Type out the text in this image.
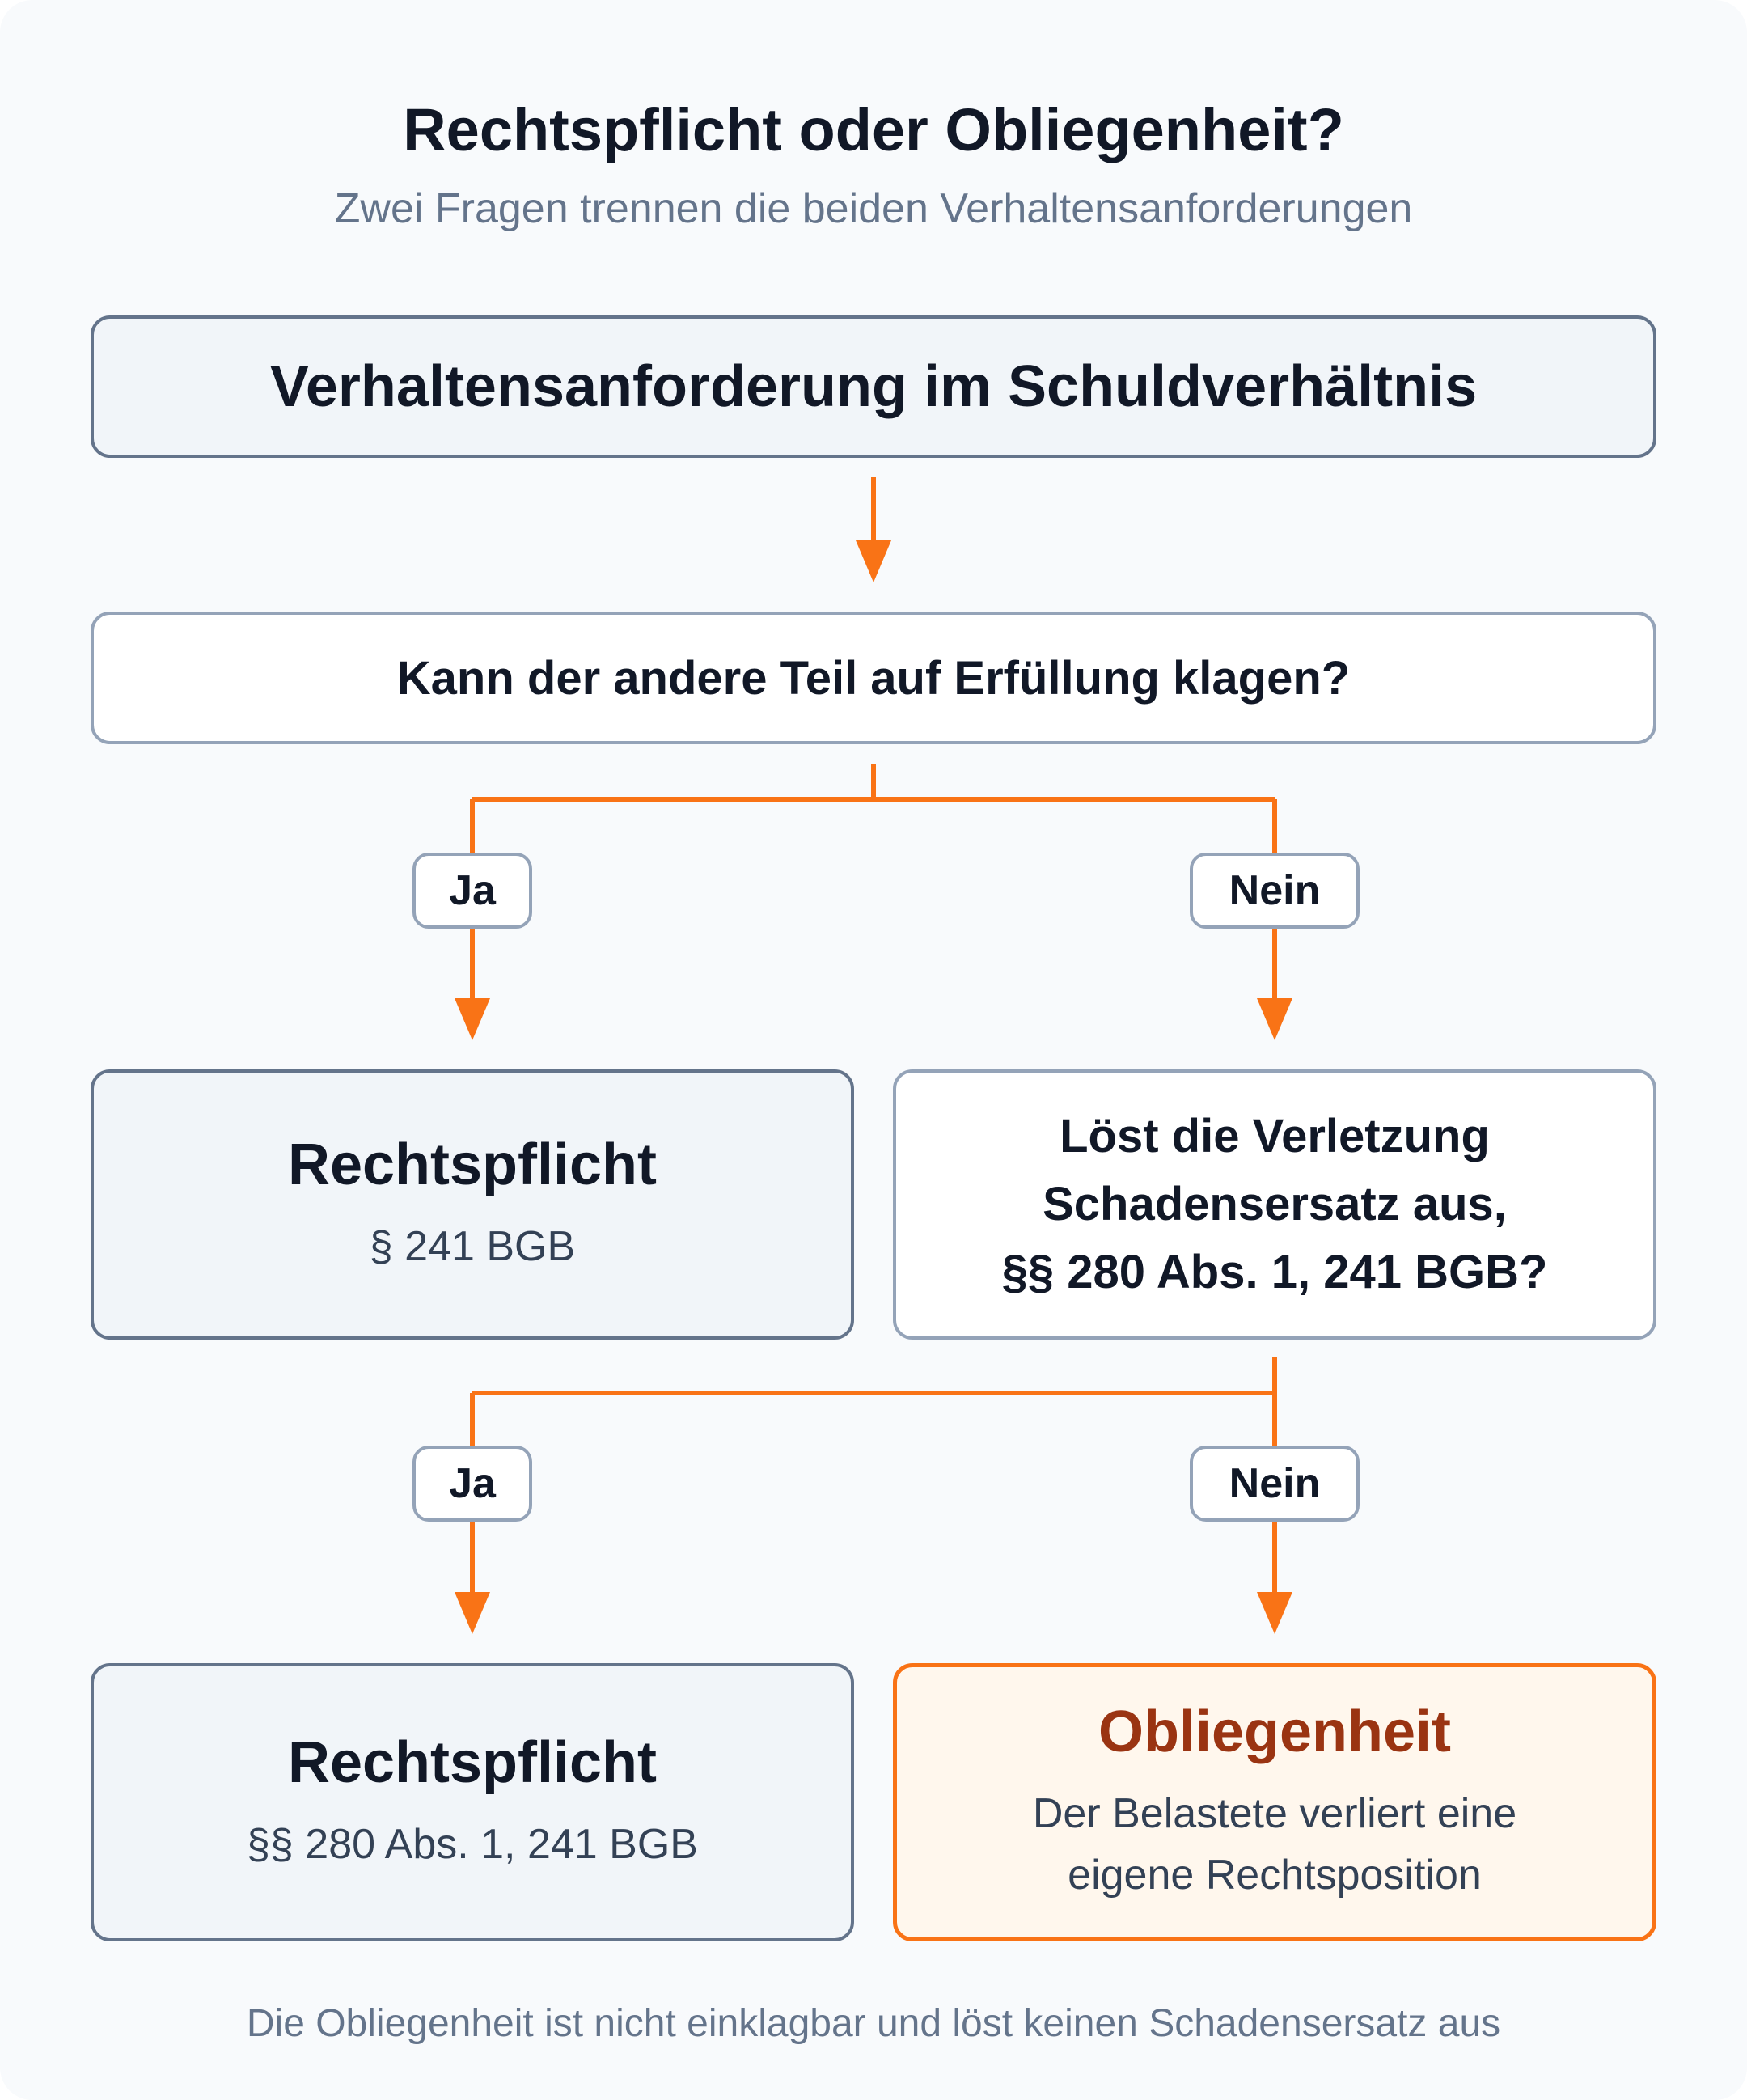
Rechtspflicht oder Obliegenheit?
Zwei Fragen trennen die beiden Verhaltensanforderungen
Verhaltensanforderung im Schuldverhältnis
Kann der andere Teil auf Erfüllung klagen?
Ja	Nein
Rechtspflicht
§ 241 BGB
Löst die Verletzung
Schadensersatz aus,
§§ 280 Abs. 1, 241 BGB?
Ja	Nein
Rechtspflicht
§§ 280 Abs. 1, 241 BGB
Obliegenheit
Der Belastete verliert eine
eigene Rechtsposition
Die Obliegenheit ist nicht einklagbar und löst keinen Schadensersatz aus
